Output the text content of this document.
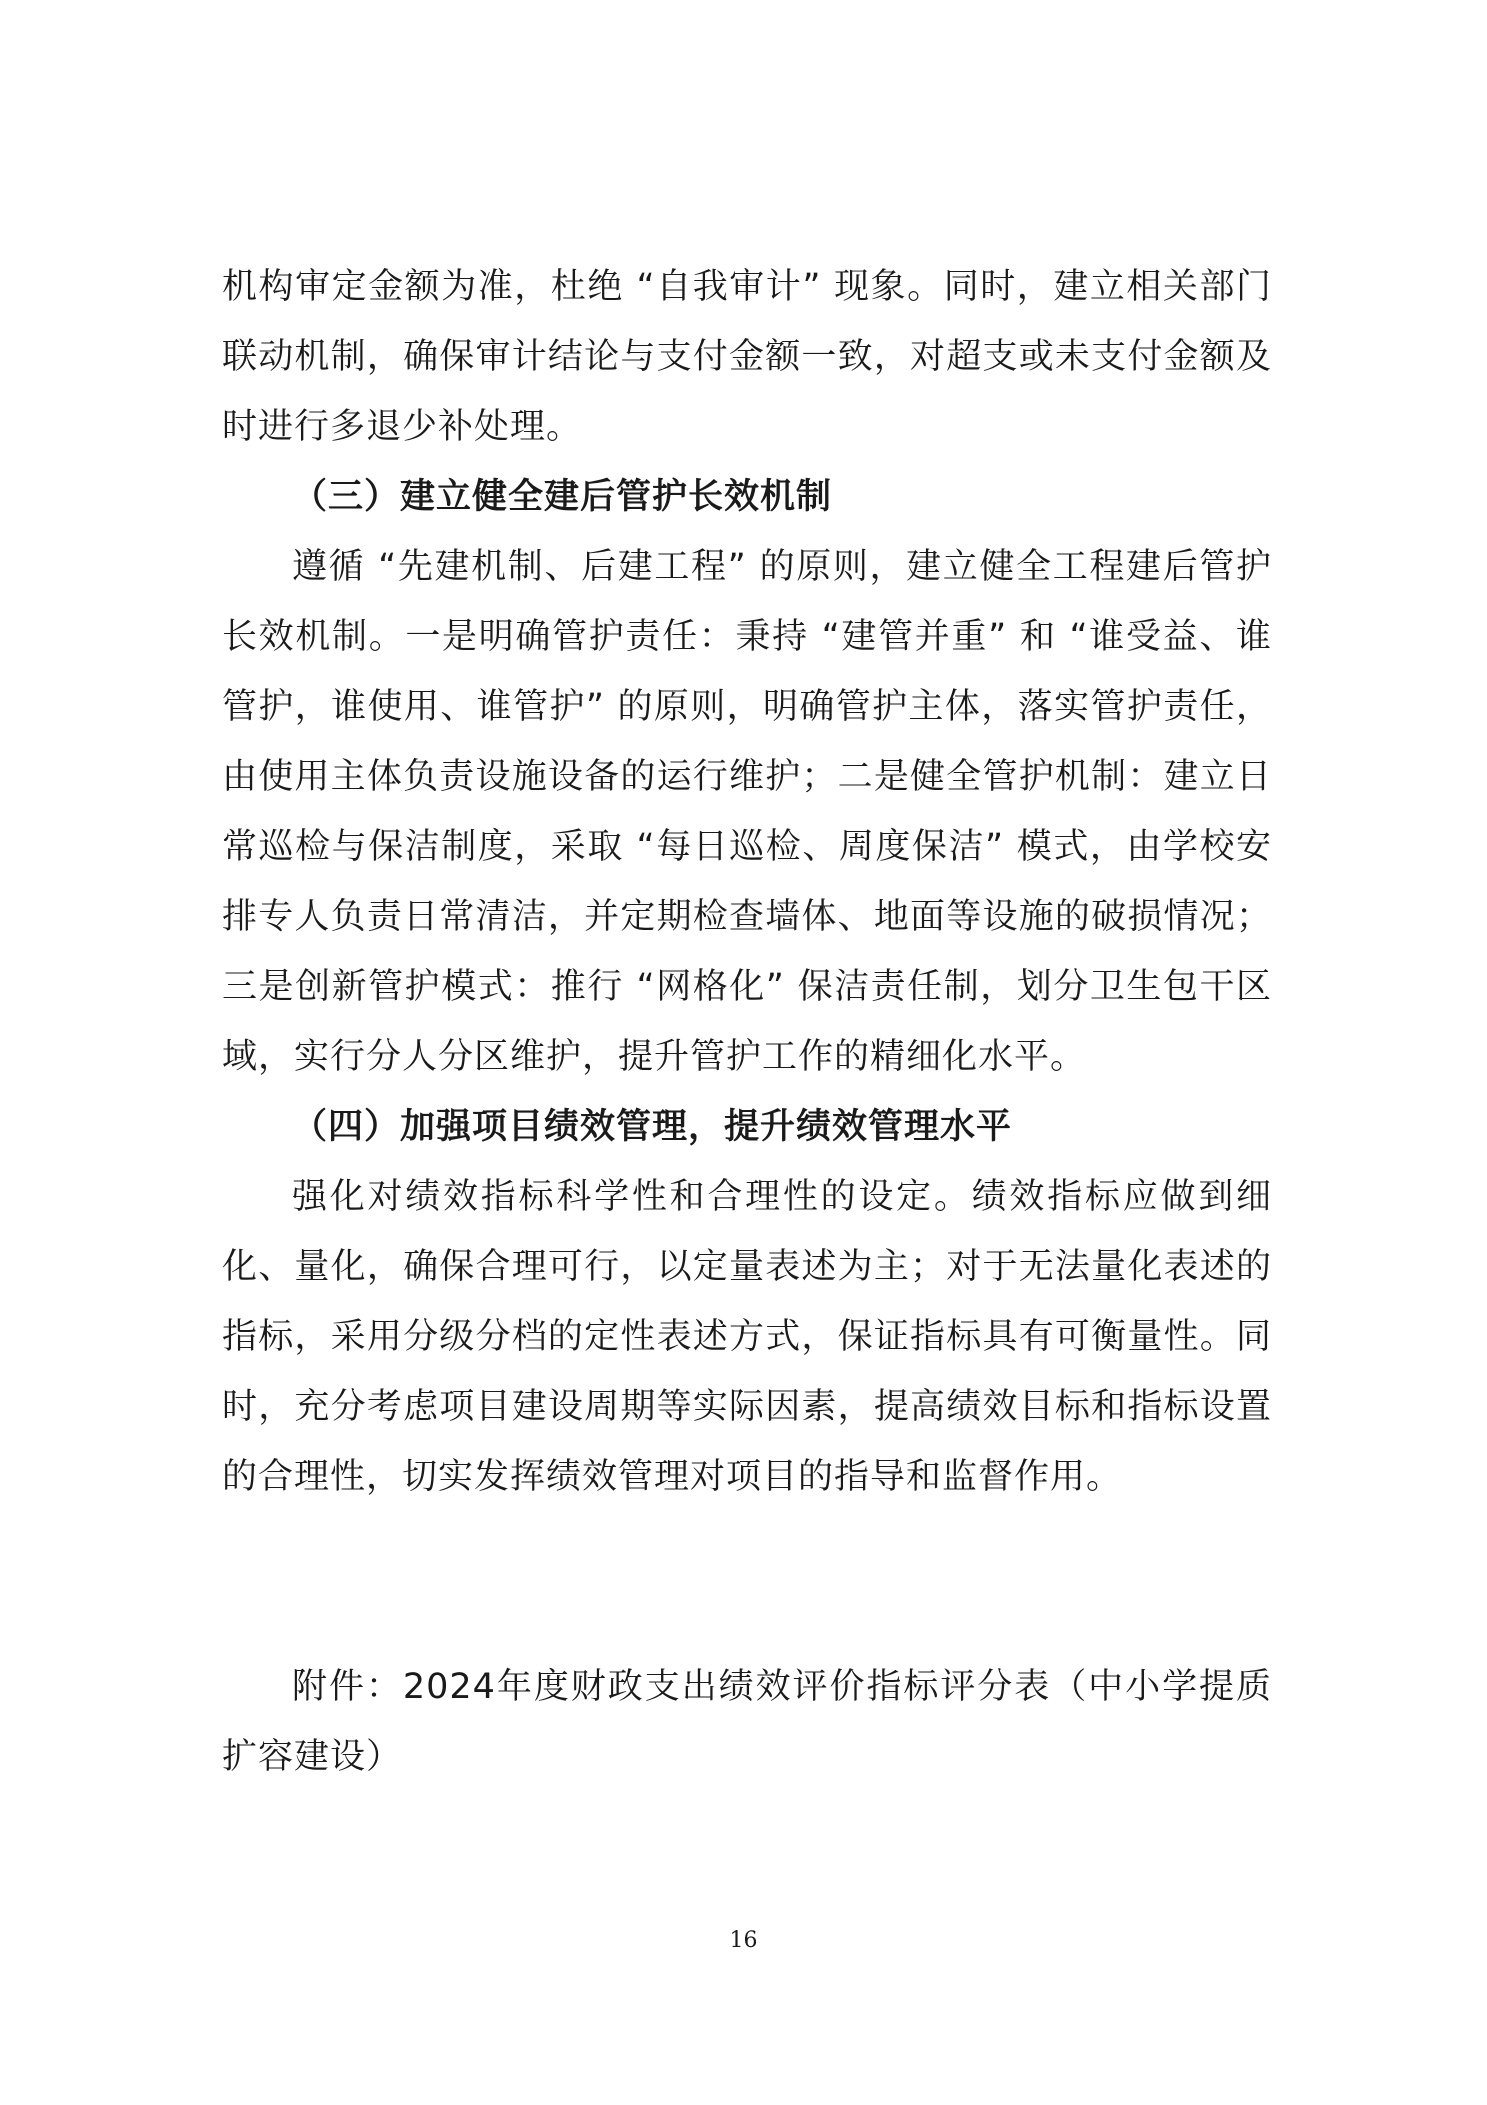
机构审定金额为准，杜绝 “自我审计” 现象。同时，建立相关部门联动机制，确保审计结论与支付金额一致，对超支或未支付金额及时进行多退少补处理。

（三）建立健全建后管护长效机制

遵循 “先建机制、后建工程” 的原则，建立健全工程建后管护长效机制。一是明确管护责任：秉持 “建管并重” 和 “谁受益、谁管护，谁使用、谁管护” 的原则，明确管护主体，落实管护责任，由使用主体负责设施设备的运行维护；二是健全管护机制：建立日常巡检与保洁制度，采取 “每日巡检、周度保洁” 模式，由学校安排专人负责日常清洁，并定期检查墙体、地面等设施的破损情况；三是创新管护模式：推行 “网格化” 保洁责任制，划分卫生包干区域，实行分人分区维护，提升管护工作的精细化水平。

（四）加强项目绩效管理，提升绩效管理水平

强化对绩效指标科学性和合理性的设定。绩效指标应做到细化、量化，确保合理可行，以定量表述为主；对于无法量化表述的指标，采用分级分档的定性表述方式，保证指标具有可衡量性。同时，充分考虑项目建设周期等实际因素，提高绩效目标和指标设置的合理性，切实发挥绩效管理对项目的指导和监督作用。

附件：2024年度财政支出绩效评价指标评分表（中小学提质扩容建设）

16
